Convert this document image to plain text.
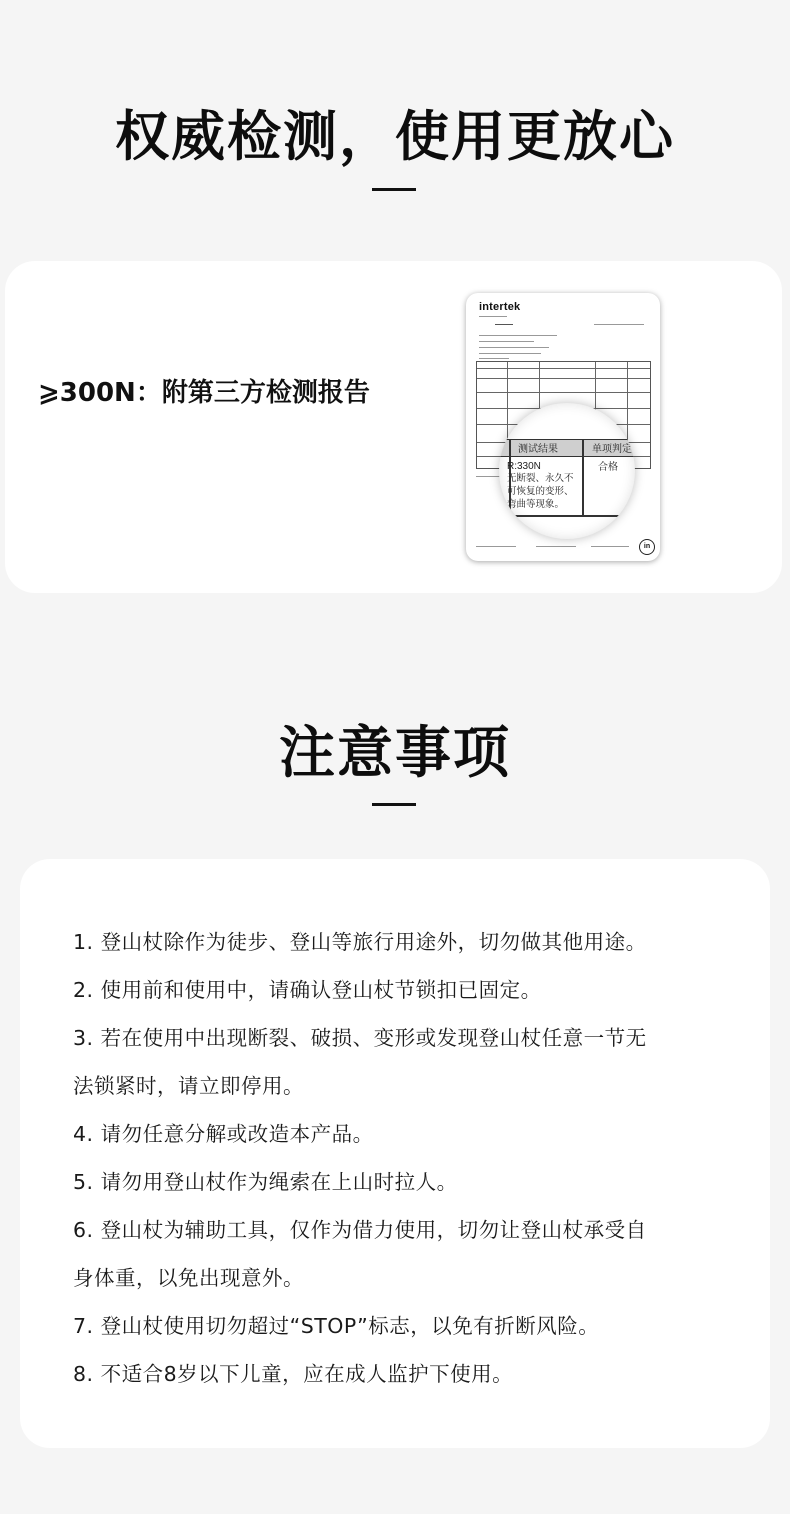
权威检测，使用更放心
⩾300N：附第三方检测报告
intertek
测试结果	单项判定
R:330N
无断裂、永久不可恢复的变形、弯曲等现象。
合格
in
注意事项
1. 登山杖除作为徒步、登山等旅行用途外，切勿做其他用途。
2. 使用前和使用中，请确认登山杖节锁扣已固定。
3. 若在使用中出现断裂、破损、变形或发现登山杖任意一节无
法锁紧时，请立即停用。
4. 请勿任意分解或改造本产品。
5. 请勿用登山杖作为绳索在上山时拉人。
6. 登山杖为辅助工具，仅作为借力使用，切勿让登山杖承受自
身体重，以免出现意外。
7. 登山杖使用切勿超过“STOP”标志，以免有折断风险。
8. 不适合8岁以下儿童，应在成人监护下使用。
